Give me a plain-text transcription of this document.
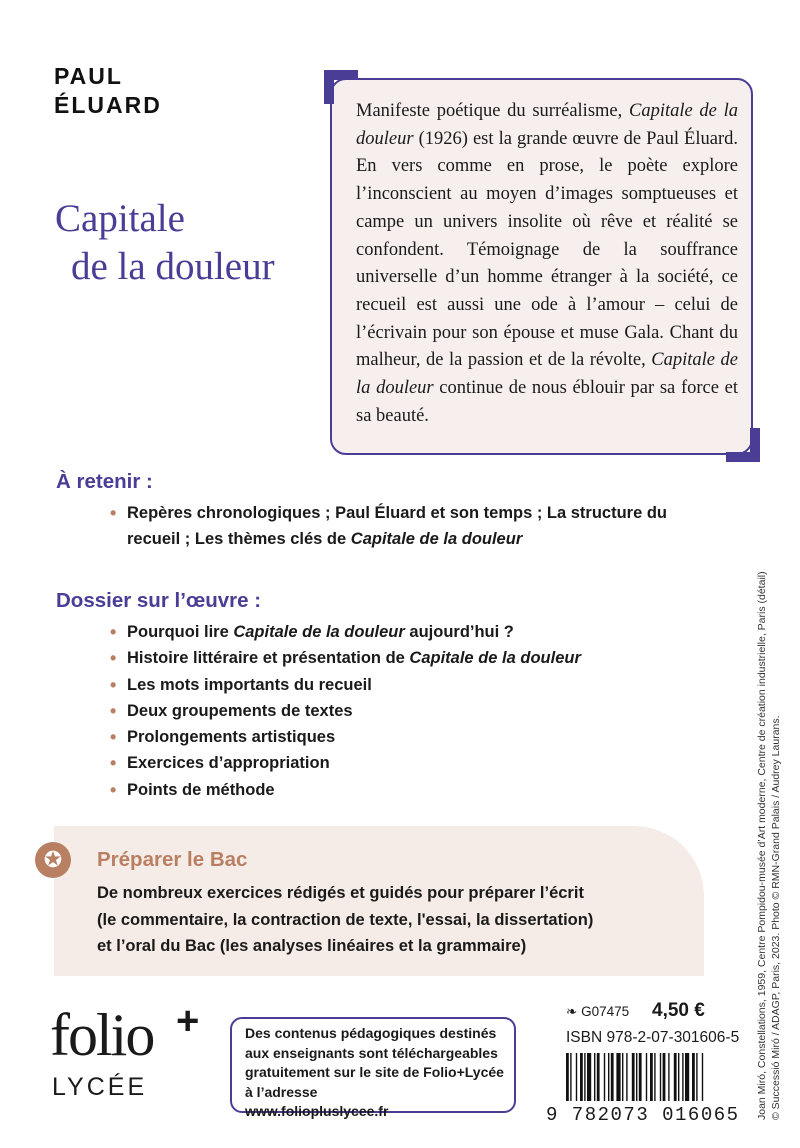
PAUL
ÉLUARD
Capitale
de la douleur
Manifeste poétique du surréalisme, Capitale de la douleur (1926) est la grande œuvre de Paul Éluard. En vers comme en prose, le poète explore l’inconscient au moyen d’images somptueuses et campe un univers insolite où rêve et réalité se confondent. Témoignage de la souffrance universelle d’un homme étranger à la société, ce recueil est aussi une ode à l’amour – celui de l’écrivain pour son épouse et muse Gala. Chant du malheur, de la passion et de la révolte, Capitale de la douleur continue de nous éblouir par sa force et sa beauté.
À retenir :
• Repères chronologiques ; Paul Éluard et son temps ; La structure du recueil ; Les thèmes clés de Capitale de la douleur
Dossier sur l’œuvre :
• Pourquoi lire Capitale de la douleur aujourd’hui ?
• Histoire littéraire et présentation de Capitale de la douleur
• Les mots importants du recueil
• Deux groupements de textes
• Prolongements artistiques
• Exercices d’appropriation
• Points de méthode
✪	Préparer le Bac
De nombreux exercices rédigés et guidés pour préparer l’écrit
(le commentaire, la contraction de texte, l'essai, la dissertation)
et l’oral du Bac (les analyses linéaires et la grammaire)
folio +
LYCÉE
Des contenus pédagogiques destinés
aux enseignants sont téléchargeables
gratuitement sur le site de Folio+Lycée
à l’adresse
www.foliopluslycee.fr
❧ G07475 4,50 €
ISBN 978-2-07-301606-5
9 782073 016065 Joan Miró, Constellations, 1959, Centre Pompidou-musée d’Art moderne, Centre de création industrielle, Paris (détail) © Successió Miró / ADAGP, Paris, 2023. Photo © RMN-Grand Palais / Audrey Laurans.
